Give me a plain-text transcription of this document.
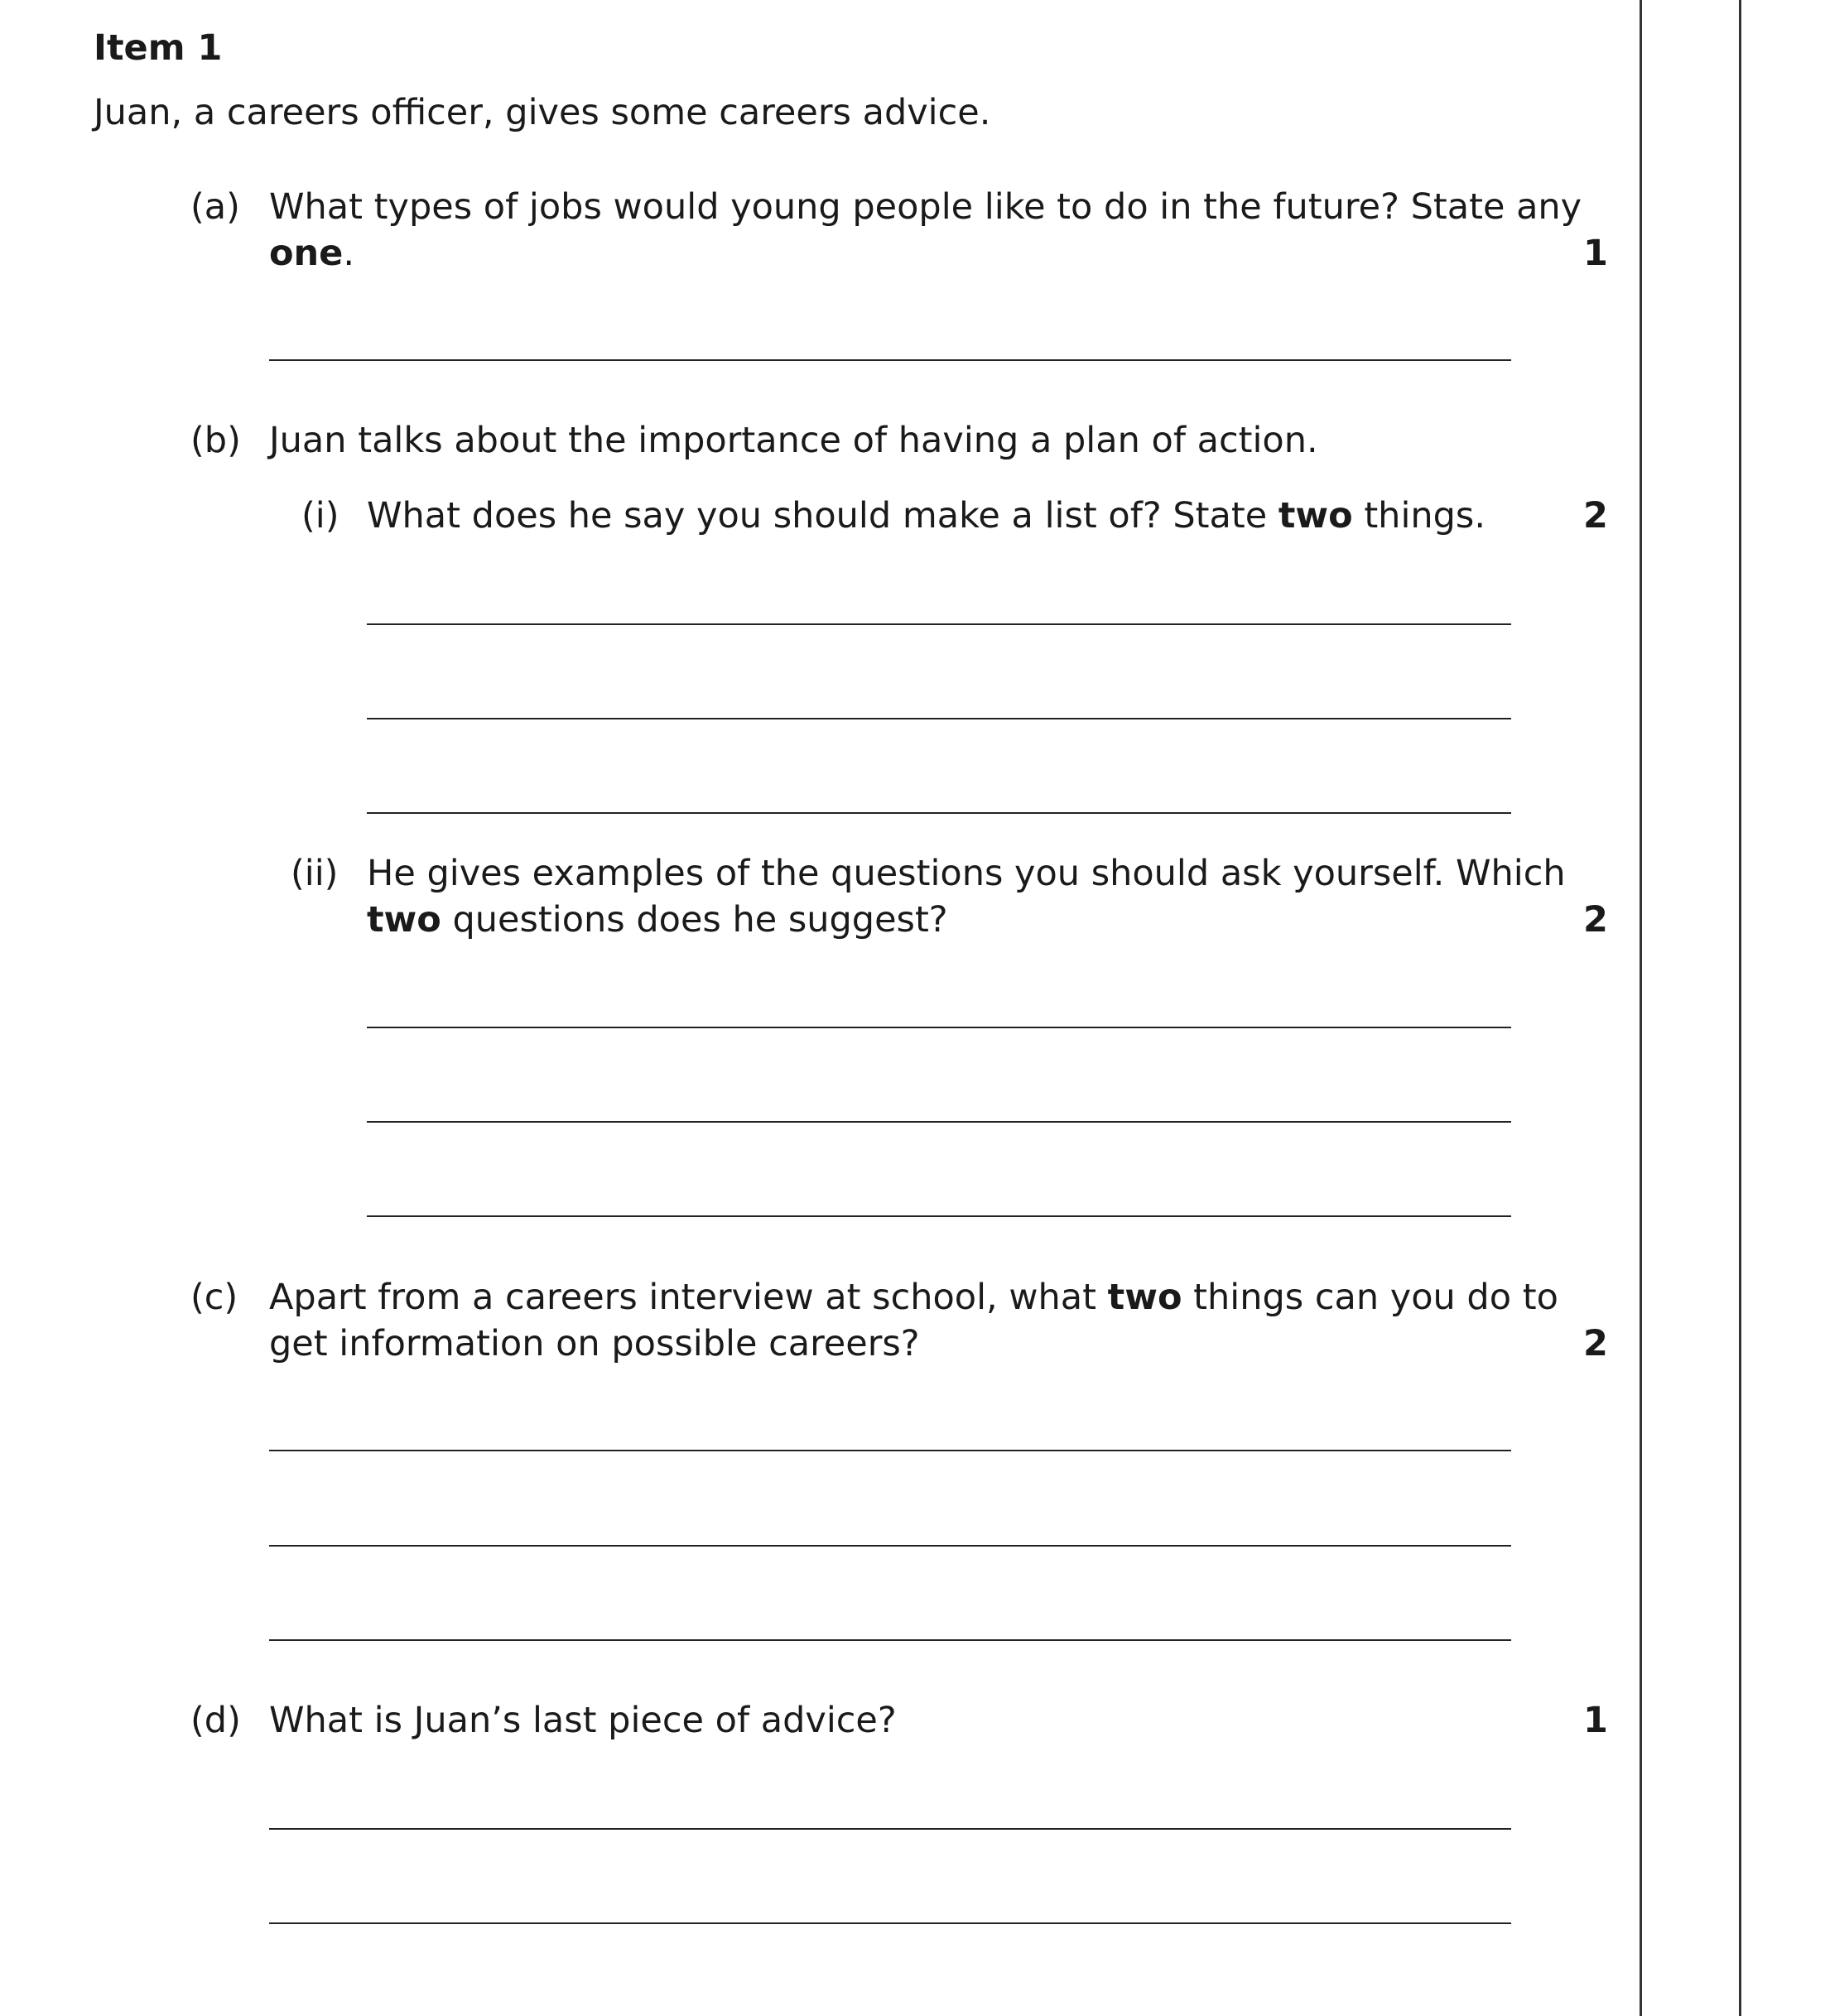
Item 1
Juan, a careers officer, gives some careers advice.
(a) What types of jobs would young people like to do in the future? State any
one.	1
(b) Juan talks about the importance of having a plan of action.
(i) What does he say you should make a list of? State two things.	2
(ii) He gives examples of the questions you should ask yourself. Which
two questions does he suggest?	2
(c) Apart from a careers interview at school, what two things can you do to
get information on possible careers?	2
(d) What is Juan’s last piece of advice?	1
